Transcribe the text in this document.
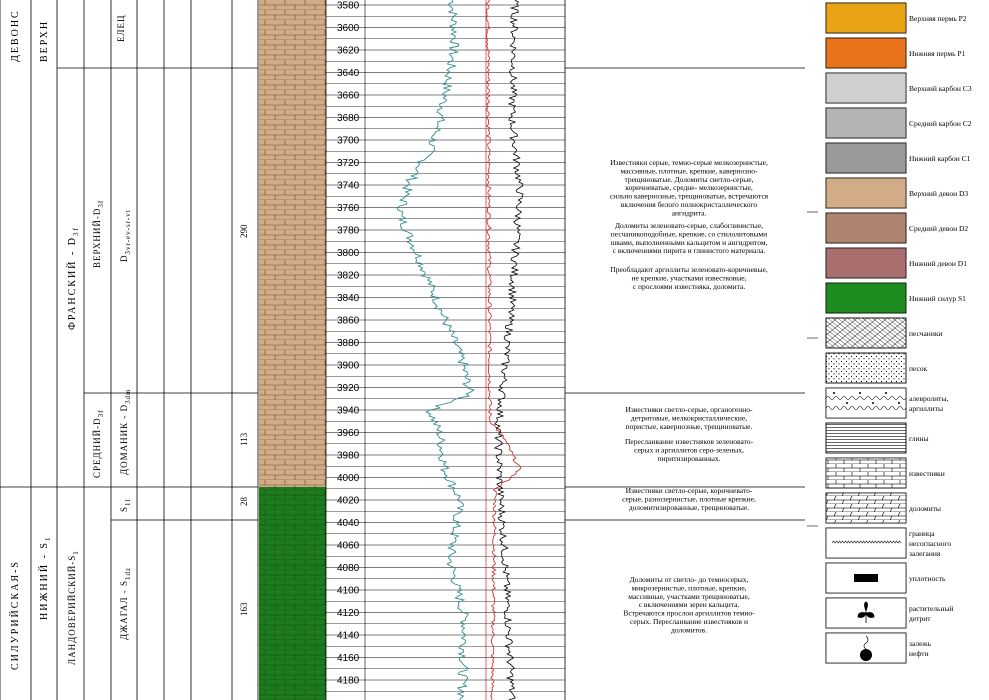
ДЕВОНС ВЕРХН	ЕЛЕЦ
ФРАНСКИЙ - $D_{3f}$ ВЕРХНИЙ-$D_{3f}$
$D_{3vr-ev-sr-vt}$
СРЕДНИЙ-$D_{3f}$ ДОМАНИК - $D_{3dm}$
СИЛУРИЙСКАЯ-S НИЖНИЙ - $S_1$
ЛАНДОВЕРИЙСКИЙ-$S_1$
$S_{1l}$
ДЖАГАЛ - $S_{1dz}$
290
113
28
163
3580
3600
3620
3640
3660
3680
3700
3720
3740
3760
3780
3800
3820
3840
3860
3880
3900
3920
3940
3960
3980
4000
4020
4040
4060
4080
4100
4120
4140
4160
4180
Известняки серые, темно-серые мелкозернистые,
массивные, плотные, крепкие, кавернозно-
трещиноватые. Доломиты светло-серые,
коричневатые, средне- мелкозернистые,
сильно кавернозные, трещиноватые, встречаются
включения белого полнокристаллического
ангидрита.
Доломиты зеленовато-серые, слабоглинистые,
песчаникоподобные, крепкие, со стилолитовыми
швами, выполненными кальцитом и ангидритом,
с включениями пирита и глинистого материала.
Преобладают аргиллиты зеленовато-коричневые,
не крепкие, участками известковые,
с прослоями известняка, доломита.
Известняки светло-серые, органогенно-
детритовые, мелкокристаллические,
пористые, кавернозные, трещиноватые.
Переслаивание известняков зеленовато-
серых и аргиллитов серо-зеленых,
пиритизированных.
Известняки светло-серые, коричневато-
серые, разнозернистые, плотные крепкие,
доломитизированные, трещиноватые.
Доломиты от светло- до темносерых,
микрозернистые, плотные, крепкие,
массивные, участками трещиноватые,
с включениями зерен кальцита.
Встречаются прослои аргиллитов темно-
серых. Переслаивание известняков и
доломитов.
Верхняя пермь Р2
Нижняя пермь Р1
Верхний карбон С3
Средний карбон С2
Нижний карбон С1
Верхний девон D3
Средний девон D2
Нижний девон D1
Нижний силур S1
песчаники
песок
алевролиты,
аргиллиты
глины
известняки
доломиты
граница
несогласного
залегания
уплотность
растительный
детрит
залежь
нефти
